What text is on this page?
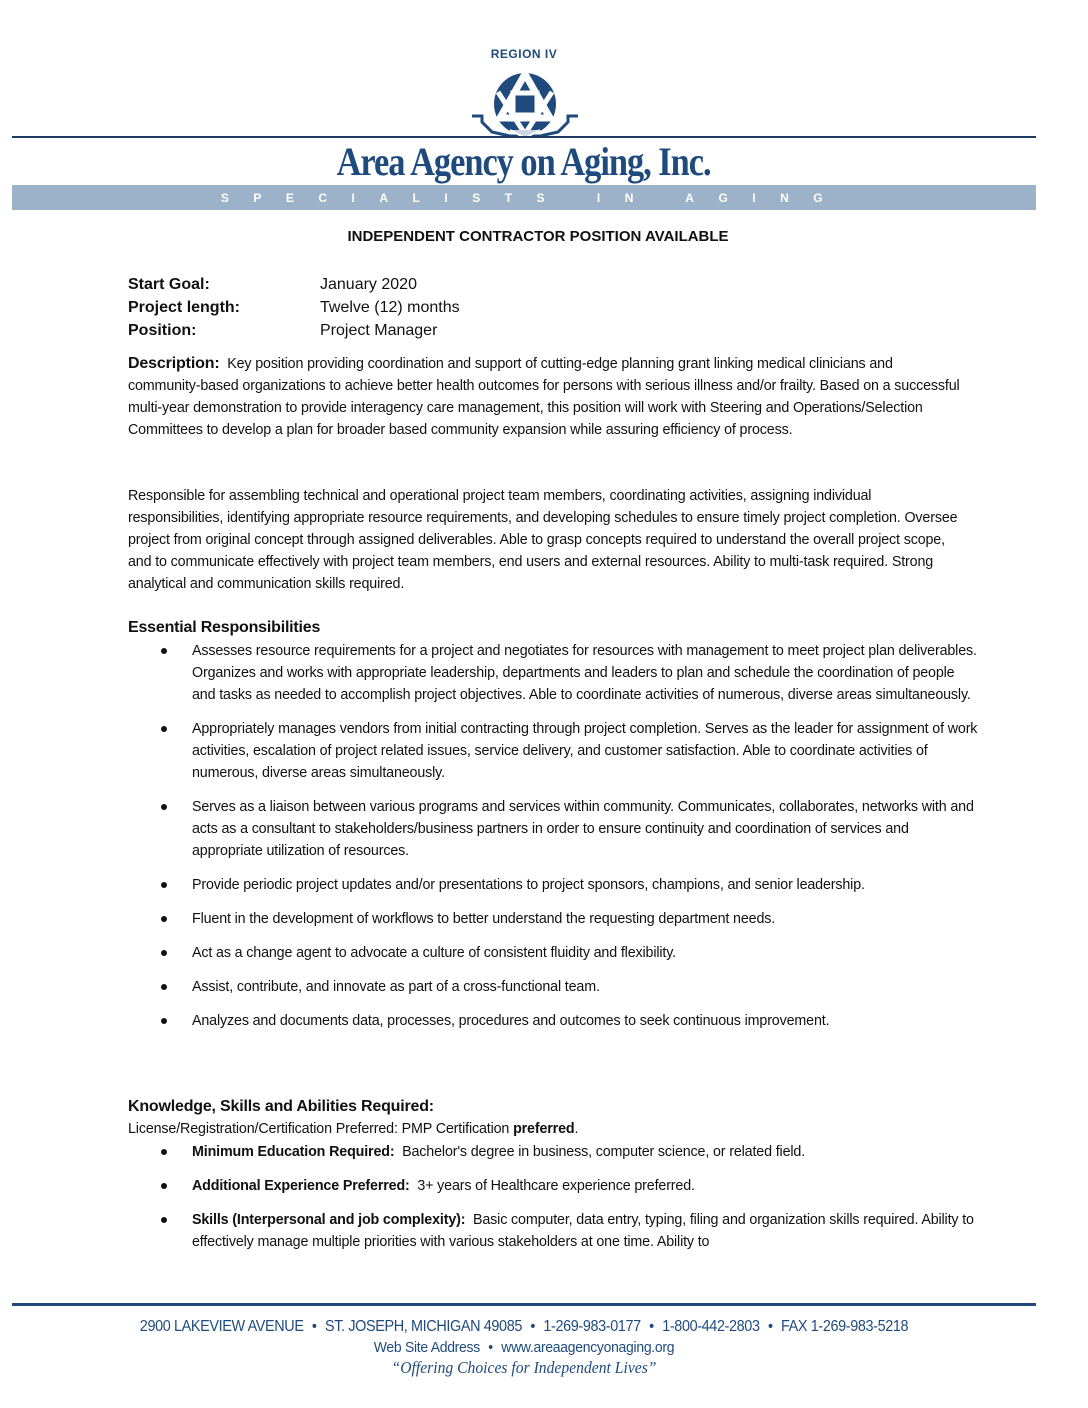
REGION IV
Area Agency on Aging, Inc.
SPECIALISTS IN AGING
INDEPENDENT CONTRACTOR POSITION AVAILABLE
Start Goal:	January 2020
Project length:	Twelve (12) months
Position:	Project Manager
Description: Key position providing coordination and support of cutting-edge planning grant linking medical clinicians and community-based organizations to achieve better health outcomes for persons with serious illness and/or frailty. Based on a successful multi-year demonstration to provide interagency care management, this position will work with Steering and Operations/Selection Committees to develop a plan for broader based community expansion while assuring efficiency of process.
Responsible for assembling technical and operational project team members, coordinating activities, assigning individual responsibilities, identifying appropriate resource requirements, and developing schedules to ensure timely project completion. Oversee project from original concept through assigned deliverables. Able to grasp concepts required to understand the overall project scope, and to communicate effectively with project team members, end users and external resources. Ability to multi-task required. Strong analytical and communication skills required.
Essential Responsibilities
Assesses resource requirements for a project and negotiates for resources with management to meet project plan deliverables. Organizes and works with appropriate leadership, departments and leaders to plan and schedule the coordination of people and tasks as needed to accomplish project objectives. Able to coordinate activities of numerous, diverse areas simultaneously.
Appropriately manages vendors from initial contracting through project completion. Serves as the leader for assignment of work activities, escalation of project related issues, service delivery, and customer satisfaction. Able to coordinate activities of numerous, diverse areas simultaneously.
Serves as a liaison between various programs and services within community. Communicates, collaborates, networks with and acts as a consultant to stakeholders/business partners in order to ensure continuity and coordination of services and appropriate utilization of resources.
Provide periodic project updates and/or presentations to project sponsors, champions, and senior leadership.
Fluent in the development of workflows to better understand the requesting department needs.
Act as a change agent to advocate a culture of consistent fluidity and flexibility.
Assist, contribute, and innovate as part of a cross-functional team.
Analyzes and documents data, processes, procedures and outcomes to seek continuous improvement.
Knowledge, Skills and Abilities Required:
License/Registration/Certification Preferred: PMP Certification preferred.
Minimum Education Required: Bachelor's degree in business, computer science, or related field.
Additional Experience Preferred: 3+ years of Healthcare experience preferred.
Skills (Interpersonal and job complexity): Basic computer, data entry, typing, filing and organization skills required. Ability to effectively manage multiple priorities with various stakeholders at one time. Ability to
2900 LAKEVIEW AVENUE • ST. JOSEPH, MICHIGAN 49085 • 1-269-983-0177 • 1-800-442-2803 • FAX 1-269-983-5218
Web Site Address • www.areaagencyonaging.org
“Offering Choices for Independent Lives”
